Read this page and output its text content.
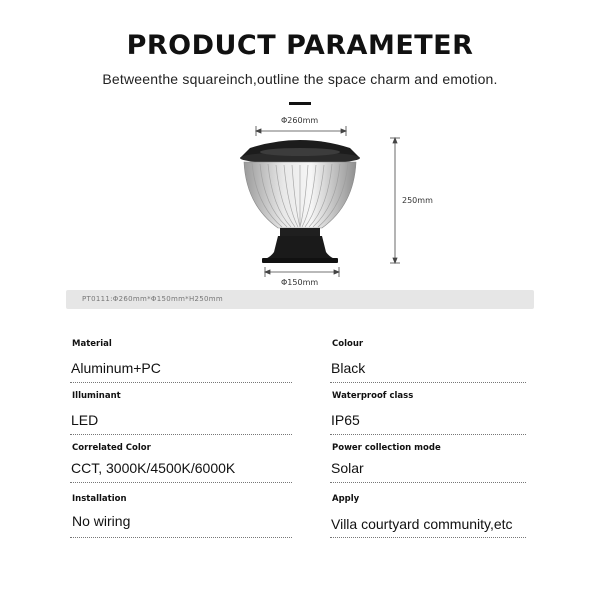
PRODUCT PARAMETER
Betweenthe squareinch,outline the space charm and emotion.
Φ260mm
250mm
Φ150mm
PT0111:Φ260mm*Φ150mm*H250mm
Material
Aluminum+PC
Colour
Black
Illuminant
LED
Waterproof class
IP65
Correlated Color
CCT, 3000K/4500K/6000K
Power collection mode
Solar
Installation
No wiring
Apply
Villa courtyard community,etc
